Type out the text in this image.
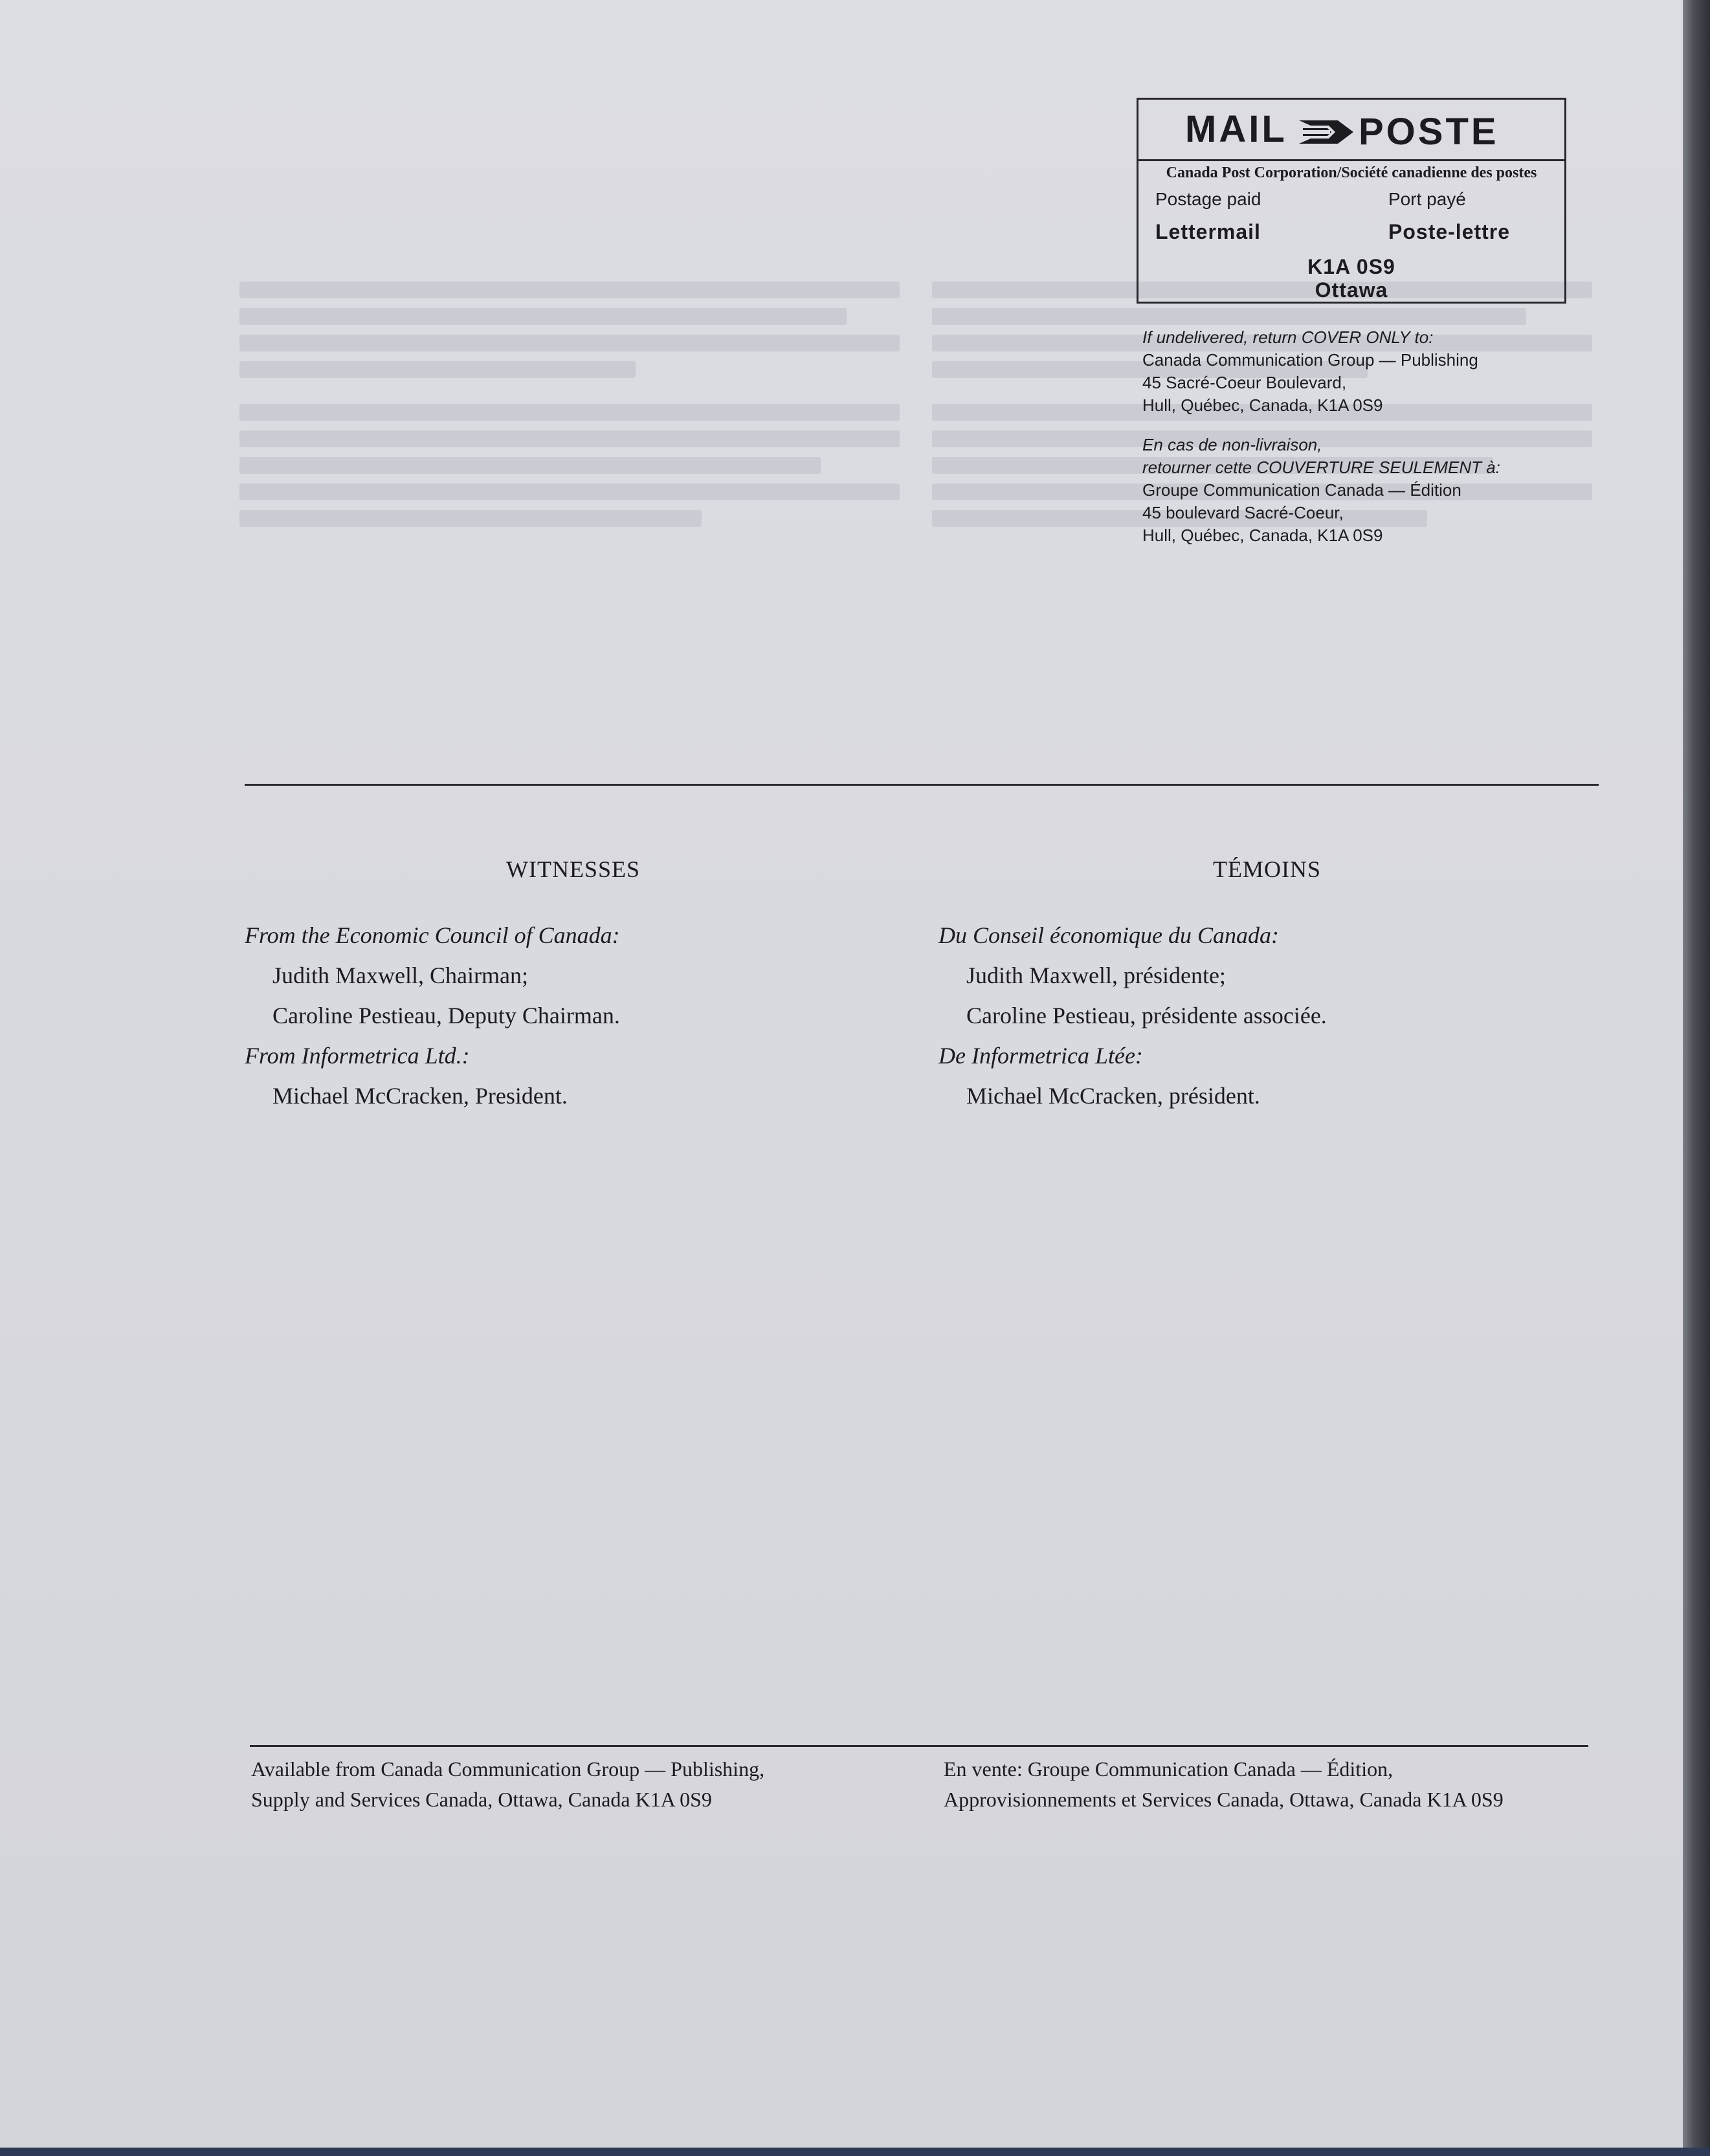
MAIL POSTE
Canada Post Corporation/Société canadienne des postes
Postage paid	Port payé
Lettermail	Poste-lettre
K1A 0S9
Ottawa
If undelivered, return COVER ONLY to:
Canada Communication Group — Publishing
45 Sacré-Coeur Boulevard,
Hull, Québec, Canada, K1A 0S9
En cas de non-livraison,
retourner cette COUVERTURE SEULEMENT à:
Groupe Communication Canada — Édition
45 boulevard Sacré-Coeur,
Hull, Québec, Canada, K1A 0S9
WITNESSES
From the Economic Council of Canada:
Judith Maxwell, Chairman;
Caroline Pestieau, Deputy Chairman.
From Informetrica Ltd.:
Michael McCracken, President.
TÉMOINS
Du Conseil économique du Canada:
Judith Maxwell, présidente;
Caroline Pestieau, présidente associée.
De Informetrica Ltée:
Michael McCracken, président.
Available from Canada Communication Group — Publishing,
Supply and Services Canada, Ottawa, Canada K1A 0S9
En vente: Groupe Communication Canada — Édition,
Approvisionnements et Services Canada, Ottawa, Canada K1A 0S9
